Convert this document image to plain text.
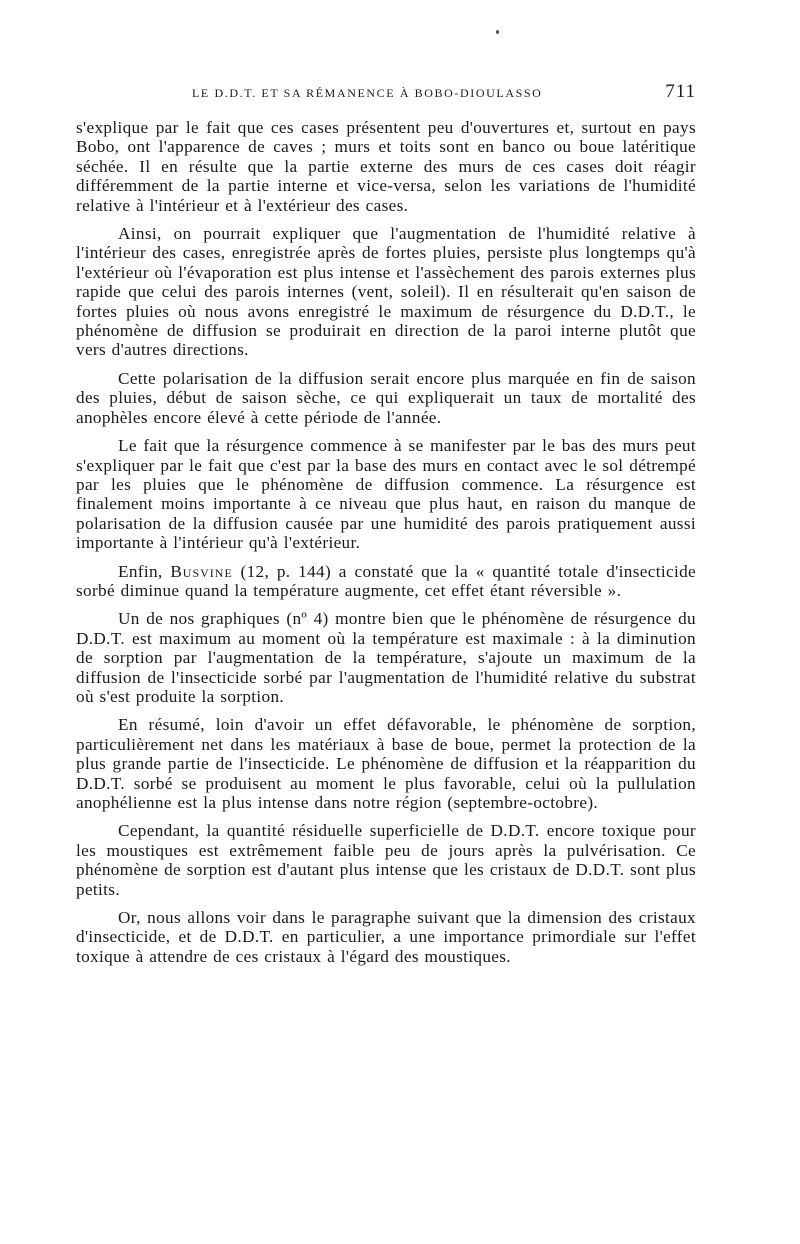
LE D.D.T. ET SA RÉMANENCE À BOBO-DIOULASSO	711

s'explique par le fait que ces cases présentent peu d'ouvertures et, surtout en pays Bobo, ont l'apparence de caves ; murs et toits sont en banco ou boue latéritique séchée. Il en résulte que la partie externe des murs de ces cases doit réagir différemment de la partie interne et vice-versa, selon les variations de l'humidité relative à l'intérieur et à l'extérieur des cases.

Ainsi, on pourrait expliquer que l'augmentation de l'humidité relative à l'intérieur des cases, enregistrée après de fortes pluies, persiste plus longtemps qu'à l'extérieur où l'évaporation est plus intense et l'assèchement des parois externes plus rapide que celui des parois internes (vent, soleil). Il en résulterait qu'en saison de fortes pluies où nous avons enregistré le maximum de résurgence du D.D.T., le phénomène de diffusion se produirait en direction de la paroi interne plutôt que vers d'autres directions.

Cette polarisation de la diffusion serait encore plus marquée en fin de saison des pluies, début de saison sèche, ce qui expliquerait un taux de mortalité des anophèles encore élevé à cette période de l'année.

Le fait que la résurgence commence à se manifester par le bas des murs peut s'expliquer par le fait que c'est par la base des murs en contact avec le sol détrempé par les pluies que le phénomène de diffusion commence. La résurgence est finalement moins importante à ce niveau que plus haut, en raison du manque de polarisation de la diffusion causée par une humidité des parois pratiquement aussi importante à l'intérieur qu'à l'extérieur.

Enfin, Busvine (12, p. 144) a constaté que la « quantité totale d'insecticide sorbé diminue quand la température augmente, cet effet étant réversible ».

Un de nos graphiques (nº 4) montre bien que le phénomène de résurgence du D.D.T. est maximum au moment où la température est maximale : à la diminution de sorption par l'augmentation de la température, s'ajoute un maximum de la diffusion de l'insecticide sorbé par l'augmentation de l'humidité relative du substrat où s'est produite la sorption.

En résumé, loin d'avoir un effet défavorable, le phénomène de sorption, particulièrement net dans les matériaux à base de boue, permet la protection de la plus grande partie de l'insecticide. Le phénomène de diffusion et la réapparition du D.D.T. sorbé se produisent au moment le plus favorable, celui où la pullulation anophélienne est la plus intense dans notre région (septembre-octobre).

Cependant, la quantité résiduelle superficielle de D.D.T. encore toxique pour les moustiques est extrêmement faible peu de jours après la pulvérisation. Ce phénomène de sorption est d'autant plus intense que les cristaux de D.D.T. sont plus petits.

Or, nous allons voir dans le paragraphe suivant que la dimension des cristaux d'insecticide, et de D.D.T. en particulier, a une importance primordiale sur l'effet toxique à attendre de ces cristaux à l'égard des moustiques.
